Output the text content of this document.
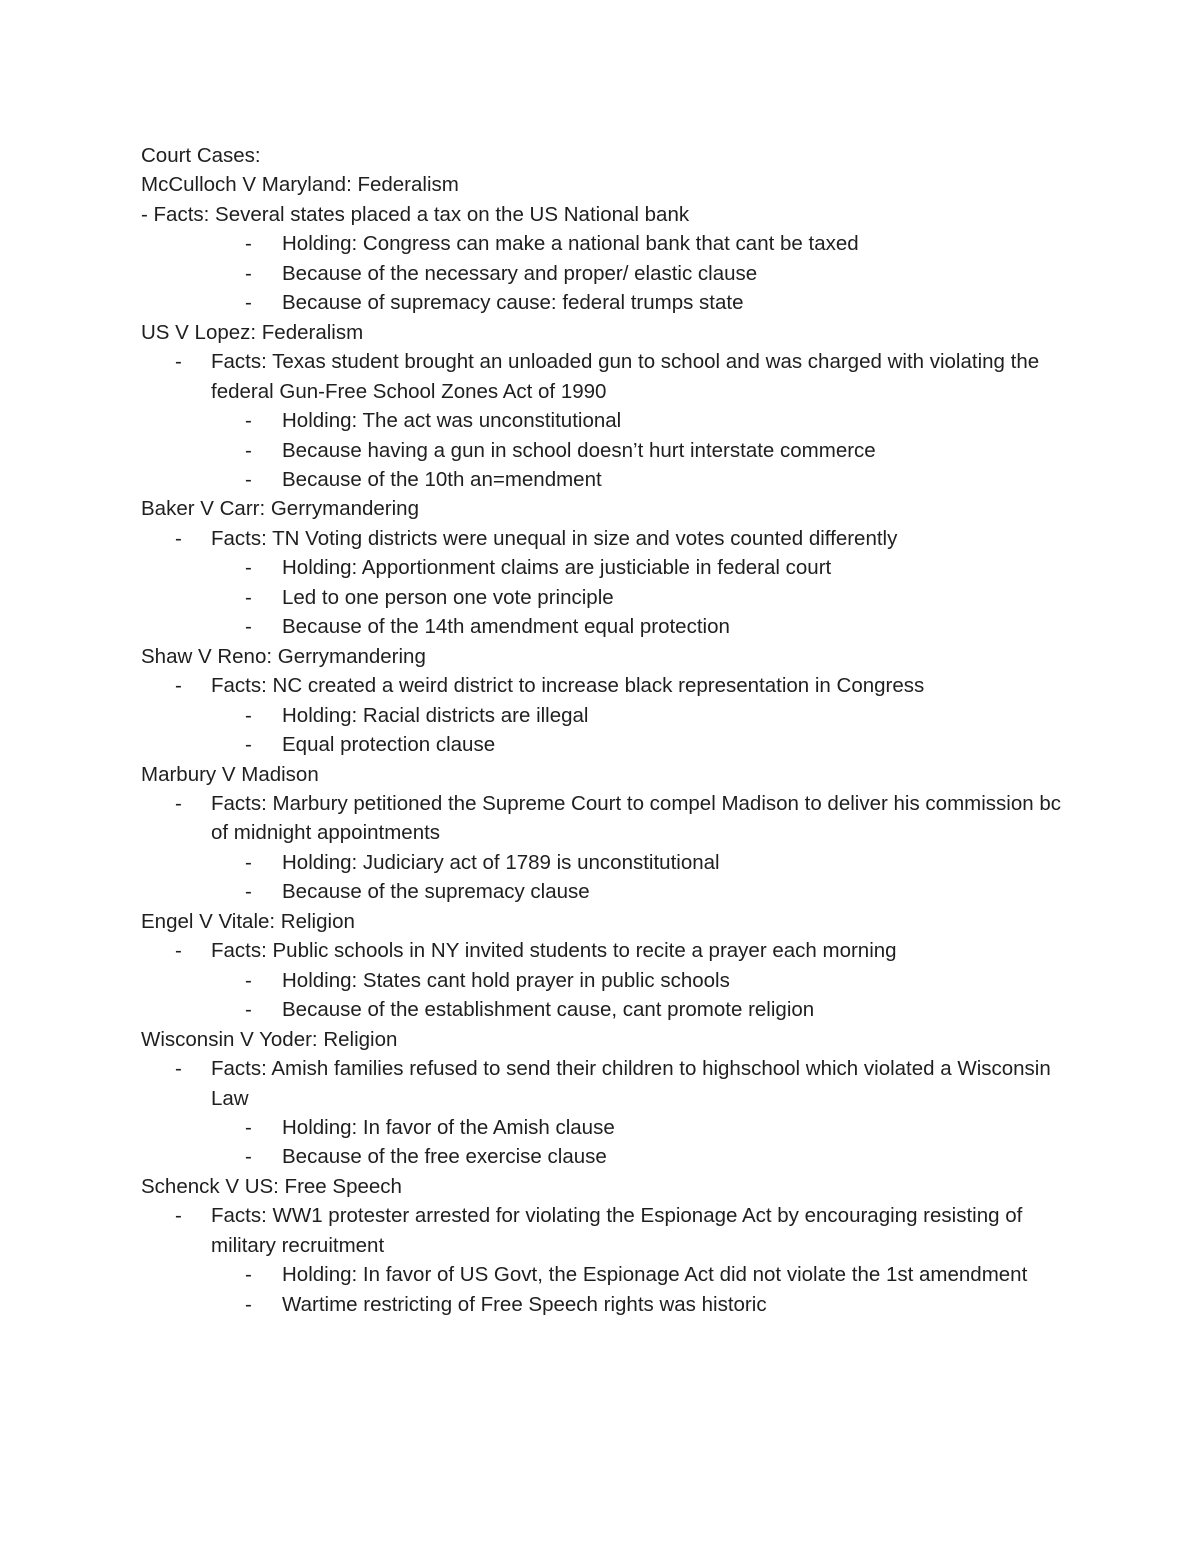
Court Cases:
McCulloch V Maryland: Federalism
- Facts: Several states placed a tax on the US National bank
- Holding: Congress can make a national bank that cant be taxed
- Because of the necessary and proper/ elastic clause
- Because of supremacy cause: federal trumps state
US V Lopez: Federalism
- Facts: Texas student brought an unloaded gun to school and was charged with violating the federal Gun-Free School Zones Act of 1990
- Holding: The act was unconstitutional
- Because having a gun in school doesn’t hurt interstate commerce
- Because of the 10th an=mendment
Baker V Carr: Gerrymandering
- Facts: TN Voting districts were unequal in size and votes counted differently
- Holding: Apportionment claims are justiciable in federal court
- Led to one person one vote principle
- Because of the 14th amendment equal protection
Shaw V Reno: Gerrymandering
- Facts: NC created a weird district to increase black representation in Congress
- Holding: Racial districts are illegal
- Equal protection clause
Marbury V Madison
- Facts: Marbury petitioned the Supreme Court to compel Madison to deliver his commission bc of midnight appointments
- Holding: Judiciary act of 1789 is unconstitutional
- Because of the supremacy clause
Engel V Vitale: Religion
- Facts: Public schools in NY invited students to recite a prayer each morning
- Holding: States cant hold prayer in public schools
- Because of the establishment cause, cant promote religion
Wisconsin V Yoder: Religion
- Facts: Amish families refused to send their children to highschool which violated a Wisconsin Law
- Holding: In favor of the Amish clause
- Because of the free exercise clause
Schenck V US: Free Speech
- Facts: WW1 protester arrested for violating the Espionage Act by encouraging resisting of military recruitment
- Holding: In favor of US Govt, the Espionage Act did not violate the 1st amendment
- Wartime restricting of Free Speech rights was historic
